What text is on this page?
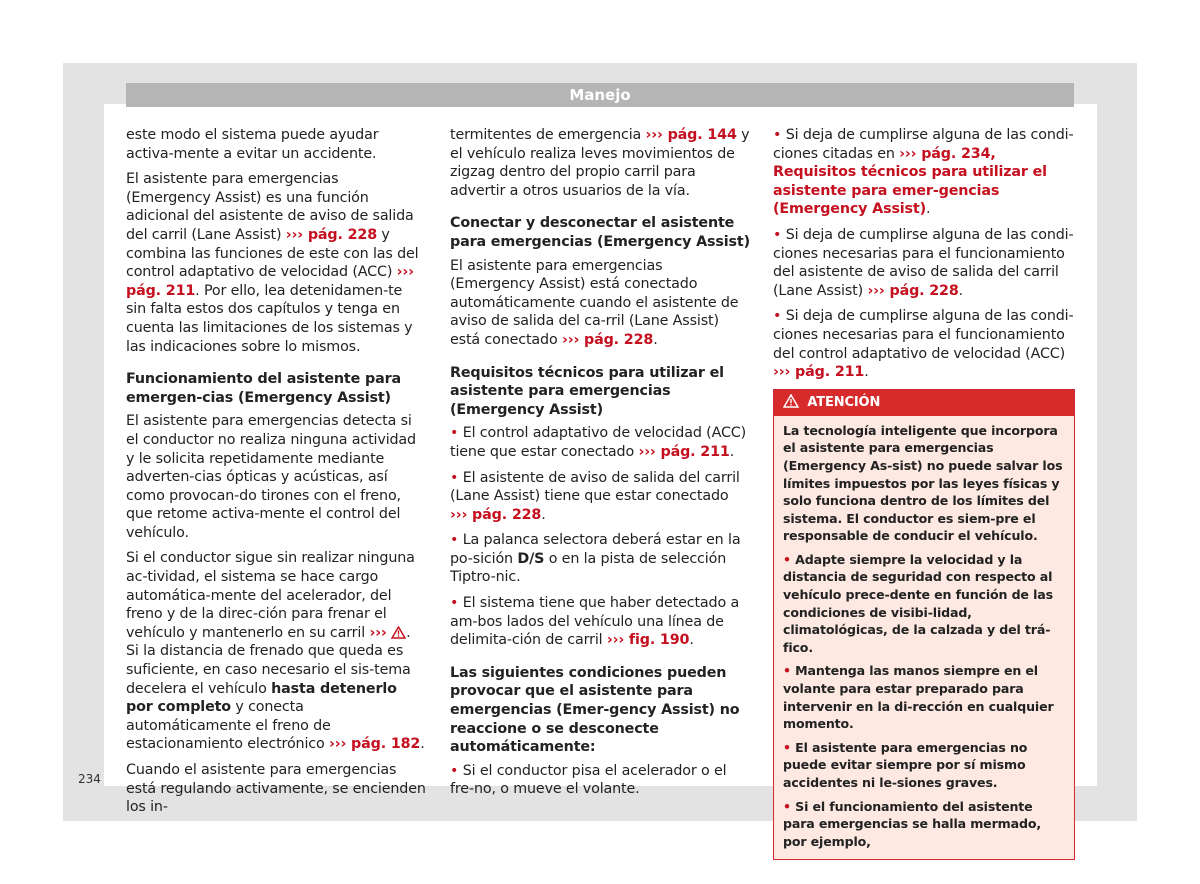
Manejo

este modo el sistema puede ayudar activa-mente a evitar un accidente.

El asistente para emergencias (Emergency Assist) es una función adicional del asistente de aviso de salida del carril (Lane Assist) ››› pág. 228 y combina las funciones de este con las del control adaptativo de velocidad (ACC) ››› pág. 211. Por ello, lea detenidamen-te sin falta estos dos capítulos y tenga en cuenta las limitaciones de los sistemas y las indicaciones sobre lo mismos.

Funcionamiento del asistente para emergen-cias (Emergency Assist)

El asistente para emergencias detecta si el conductor no realiza ninguna actividad y le solicita repetidamente mediante adverten-cias ópticas y acústicas, así como provocan-do tirones con el freno, que retome activa-mente el control del vehículo.

Si el conductor sigue sin realizar ninguna ac-tividad, el sistema se hace cargo automática-mente del acelerador, del freno y de la direc-ción para frenar el vehículo y mantenerlo en su carril ››› . Si la distancia de frenado que queda es suficiente, en caso necesario el sis-tema decelera el vehículo hasta detenerlo por completo y conecta automáticamente el freno de estacionamiento electrónico ››› pág. 182.

Cuando el asistente para emergencias está regulando activamente, se encienden los in-

termitentes de emergencia ››› pág. 144 y el vehículo realiza leves movimientos de zigzag dentro del propio carril para advertir a otros usuarios de la vía.

Conectar y desconectar el asistente para emergencias (Emergency Assist)

El asistente para emergencias (Emergency Assist) está conectado automáticamente cuando el asistente de aviso de salida del ca-rril (Lane Assist) está conectado ››› pág. 228.

Requisitos técnicos para utilizar el asistente para emergencias (Emergency Assist)

• El control adaptativo de velocidad (ACC) tiene que estar conectado ››› pág. 211.

• El asistente de aviso de salida del carril (Lane Assist) tiene que estar conectado ››› pág. 228.

• La palanca selectora deberá estar en la po-sición D/S o en la pista de selección Tiptro-nic.

• El sistema tiene que haber detectado a am-bos lados del vehículo una línea de delimita-ción de carril ››› fig. 190.

Las siguientes condiciones pueden provocar que el asistente para emergencias (Emer-gency Assist) no reaccione o se desconecte automáticamente:

• Si el conductor pisa el acelerador o el fre-no, o mueve el volante.

• Si deja de cumplirse alguna de las condi-ciones citadas en ››› pág. 234, Requisitos técnicos para utilizar el asistente para emer-gencias (Emergency Assist).

• Si deja de cumplirse alguna de las condi-ciones necesarias para el funcionamiento del asistente de aviso de salida del carril (Lane Assist) ››› pág. 228.

• Si deja de cumplirse alguna de las condi-ciones necesarias para el funcionamiento del control adaptativo de velocidad (ACC) ››› pág. 211.

ATENCIÓN

La tecnología inteligente que incorpora el asistente para emergencias (Emergency As-sist) no puede salvar los límites impuestos por las leyes físicas y solo funciona dentro de los límites del sistema. El conductor es siem-pre el responsable de conducir el vehículo.

• Adapte siempre la velocidad y la distancia de seguridad con respecto al vehículo prece-dente en función de las condiciones de visibi-lidad, climatológicas, de la calzada y del trá-fico.

• Mantenga las manos siempre en el volante para estar preparado para intervenir en la di-rección en cualquier momento.

• El asistente para emergencias no puede evitar siempre por sí mismo accidentes ni le-siones graves.

• Si el funcionamiento del asistente para emergencias se halla mermado, por ejemplo,

234
